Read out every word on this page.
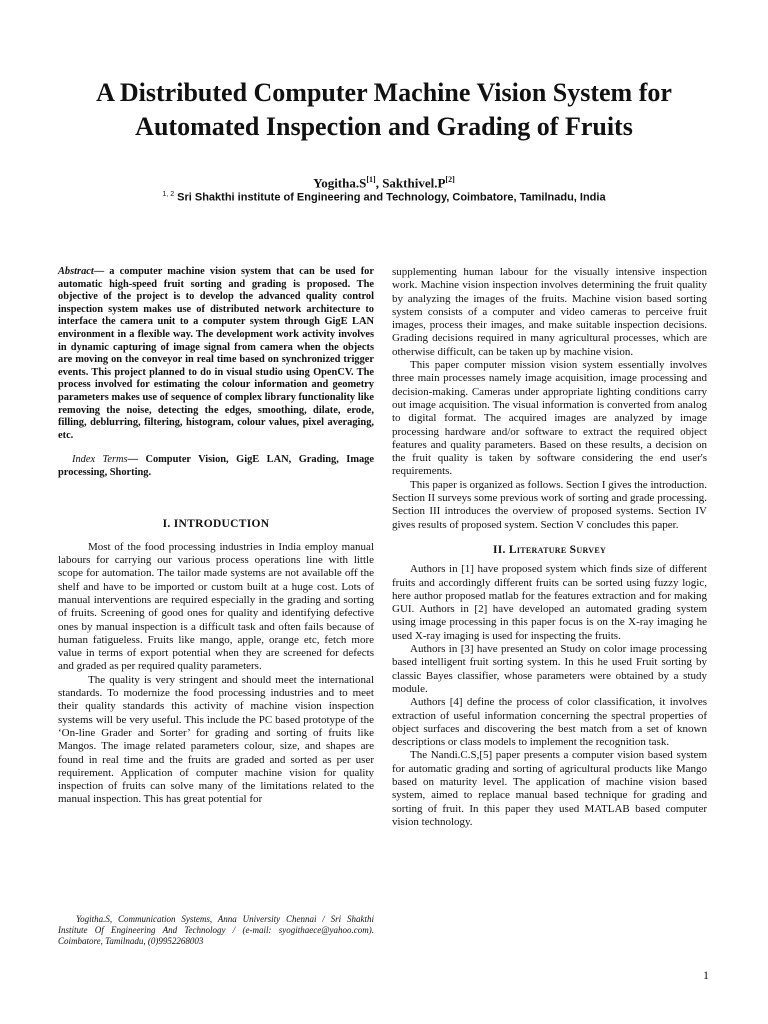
A Distributed Computer Machine Vision System for Automated Inspection and Grading of Fruits
Yogitha.S[1], Sakthivel.P[2]
$^{1, 2}$ Sri Shakthi institute of Engineering and Technology, Coimbatore, Tamilnadu, India

Abstract— a computer machine vision system that can be used for automatic high-speed fruit sorting and grading is proposed. The objective of the project is to develop the advanced quality control inspection system makes use of distributed network architecture to interface the camera unit to a computer system through GigE LAN environment in a flexible way. The development work activity involves in dynamic capturing of image signal from camera when the objects are moving on the conveyor in real time based on synchronized trigger events. This project planned to do in visual studio using OpenCV. The process involved for estimating the colour information and geometry parameters makes use of sequence of complex library functionality like removing the noise, detecting the edges, smoothing, dilate, erode, filling, deblurring, filtering, histogram, colour values, pixel averaging, etc.

Index Terms— Computer Vision, GigE LAN, Grading, Image processing, Shorting.

I. INTRODUCTION

Most of the food processing industries in India employ manual labours for carrying our various process operations line with little scope for automation. The tailor made systems are not available off the shelf and have to be imported or custom built at a huge cost. Lots of manual interventions are required especially in the grading and sorting of fruits. Screening of good ones for quality and identifying defective ones by manual inspection is a difficult task and often fails because of human fatigueless. Fruits like mango, apple, orange etc, fetch more value in terms of export potential when they are screened for defects and graded as per required quality parameters.

The quality is very stringent and should meet the international standards. To modernize the food processing industries and to meet their quality standards this activity of machine vision inspection systems will be very useful. This include the PC based prototype of the ‘On-line Grader and Sorter’ for grading and sorting of fruits like Mangos. The image related parameters colour, size, and shapes are found in real time and the fruits are graded and sorted as per user requirement. Application of computer machine vision for quality inspection of fruits can solve many of the limitations related to the manual inspection. This has great potential for

supplementing human labour for the visually intensive inspection work. Machine vision inspection involves determining the fruit quality by analyzing the images of the fruits. Machine vision based sorting system consists of a computer and video cameras to perceive fruit images, process their images, and make suitable inspection decisions. Grading decisions required in many agricultural processes, which are otherwise difficult, can be taken up by machine vision.

This paper computer mission vision system essentially involves three main processes namely image acquisition, image processing and decision-making. Cameras under appropriate lighting conditions carry out image acquisition. The visual information is converted from analog to digital format. The acquired images are analyzed by image processing hardware and/or software to extract the required object features and quality parameters. Based on these results, a decision on the fruit quality is taken by software considering the end user's requirements.

This paper is organized as follows. Section I gives the introduction. Section II surveys some previous work of sorting and grade processing. Section III introduces the overview of proposed systems. Section IV gives results of proposed system. Section V concludes this paper.

II. Literature Survey

Authors in [1] have proposed system which finds size of different fruits and accordingly different fruits can be sorted using fuzzy logic, here author proposed matlab for the features extraction and for making GUI. Authors in [2] have developed an automated grading system using image processing in this paper focus is on the X-ray imaging he used X-ray imaging is used for inspecting the fruits.

Authors in [3] have presented an Study on color image processing based intelligent fruit sorting system. In this he used Fruit sorting by classic Bayes classifier, whose parameters were obtained by a study module.

Authors [4] define the process of color classification, it involves extraction of useful information concerning the spectral properties of object surfaces and discovering the best match from a set of known descriptions or class models to implement the recognition task.

The Nandi.C.S,[5] paper presents a computer vision based system for automatic grading and sorting of agricultural products like Mango based on maturity level. The application of machine vision based system, aimed to replace manual based technique for grading and sorting of fruit. In this paper they used MATLAB based computer vision technology.

Yogitha.S, Communication Systems, Anna University Chennai / Sri Shakthi Institute Of Engineering And Technology / (e-mail: syogithaece@yahoo.com). Coimbatore, Tamilnadu, (0)9952268003
1
